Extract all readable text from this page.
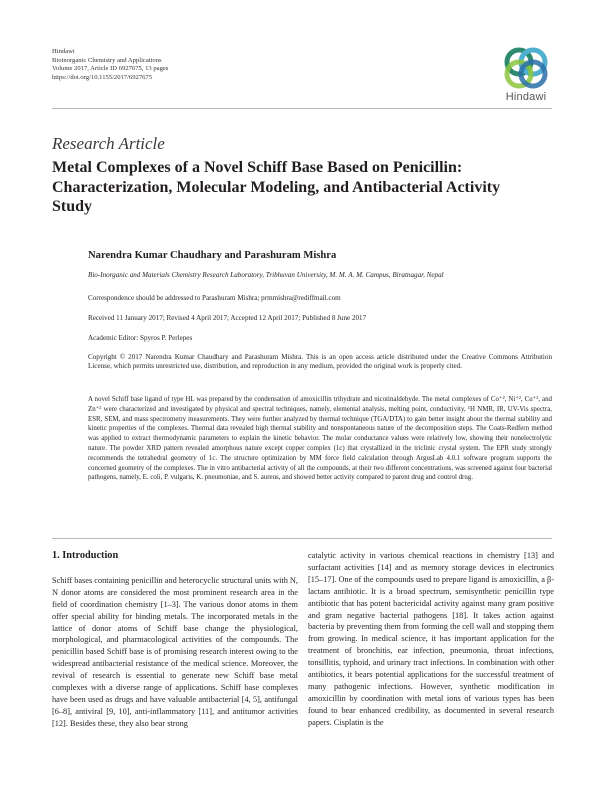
Hindawi
Bioinorganic Chemistry and Applications
Volume 2017, Article ID 6927675, 13 pages
https://doi.org/10.1155/2017/6927675
Hindawi
Research Article
Metal Complexes of a Novel Schiff Base Based on Penicillin: Characterization, Molecular Modeling, and Antibacterial Activity Study
Narendra Kumar Chaudhary and Parashuram Mishra
Bio-Inorganic and Materials Chemistry Research Laboratory, Tribhuvan University, M. M. A. M. Campus, Biratnagar, Nepal
Correspondence should be addressed to Parashuram Mishra; prmmishra@rediffmail.com
Received 11 January 2017; Revised 4 April 2017; Accepted 12 April 2017; Published 8 June 2017
Academic Editor: Spyros P. Perlepes
Copyright © 2017 Narendra Kumar Chaudhary and Parashuram Mishra. This is an open access article distributed under the Creative Commons Attribution License, which permits unrestricted use, distribution, and reproduction in any medium, provided the original work is properly cited.
A novel Schiff base ligand of type HL was prepared by the condensation of amoxicillin trihydrate and nicotinaldehyde. The metal complexes of Co⁺², Ni⁺², Cu⁺², and Zn⁺² were characterized and investigated by physical and spectral techniques, namely, elemental analysis, melting point, conductivity, ¹H NMR, IR, UV-Vis spectra, ESR, SEM, and mass spectrometry measurements. They were further analyzed by thermal technique (TGA/DTA) to gain better insight about the thermal stability and kinetic properties of the complexes. Thermal data revealed high thermal stability and nonspontaneous nature of the decomposition steps. The Coats-Redfern method was applied to extract thermodynamic parameters to explain the kinetic behavior. The molar conductance values were relatively low, showing their nonelectrolytic nature. The powder XRD pattern revealed amorphous nature except copper complex (1c) that crystallized in the triclinic crystal system. The EPR study strongly recommends the tetrahedral geometry of 1c. The structure optimization by MM force field calculation through ArgusLab 4.0.1 software program supports the concerned geometry of the complexes. The in vitro antibacterial activity of all the compounds, at their two different concentrations, was screened against four bacterial pathogens, namely, E. coli, P. vulgaris, K. pneumoniae, and S. aureus, and showed better activity compared to parent drug and control drug.
1. Introduction

Schiff bases containing penicillin and heterocyclic structural units with N, N donor atoms are considered the most prominent research area in the field of coordination chemistry [1–3]. The various donor atoms in them offer special ability for binding metals. The incorporated metals in the lattice of donor atoms of Schiff base change the physiological, morphological, and pharmacological activities of the compounds. The penicillin based Schiff base is of promising research interest owing to the widespread antibacterial resistance of the medical science. Moreover, the revival of research is essential to generate new Schiff base metal complexes with a diverse range of applications. Schiff base complexes have been used as drugs and have valuable antibacterial [4, 5], antifungal [6–8], antiviral [9, 10], anti-inflammatory [11], and antitumor activities [12]. Besides these, they also bear strong

catalytic activity in various chemical reactions in chemistry [13] and surfactant activities [14] and as memory storage devices in electronics [15–17]. One of the compounds used to prepare ligand is amoxicillin, a β-lactam antibiotic. It is a broad spectrum, semisynthetic penicillin type antibiotic that has potent bactericidal activity against many gram positive and gram negative bacterial pathogens [18]. It takes action against bacteria by preventing them from forming the cell wall and stopping them from growing. In medical science, it has important application for the treatment of bronchitis, ear infection, pneumonia, throat infections, tonsillitis, typhoid, and urinary tract infections. In combination with other antibiotics, it bears potential applications for the successful treatment of many pathogenic infections. However, synthetic modification in amoxicillin by coordination with metal ions of various types has been found to bear enhanced credibility, as documented in several research papers. Cisplatin is the
